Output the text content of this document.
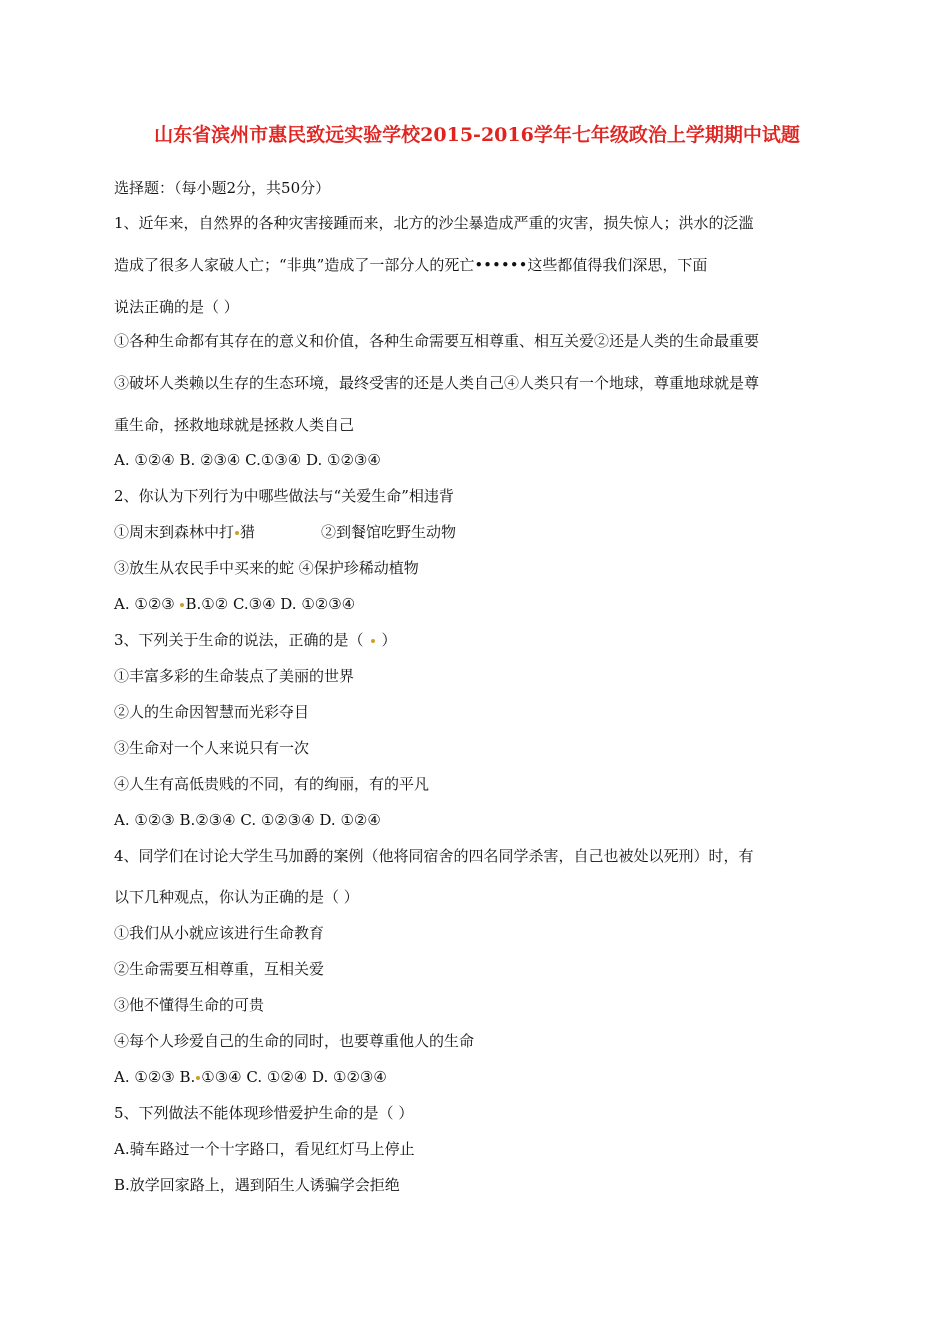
山东省滨州市惠民致远实验学校2015-2016学年七年级政治上学期期中试题
选择题：（每小题2分，共50分）
1、近年来，自然界的各种灾害接踵而来，北方的沙尘暴造成严重的灾害，损失惊人；洪水的泛滥
造成了很多人家破人亡；“非典”造成了一部分人的死亡••••••这些都值得我们深思，下面
说法正确的是（ ）
①各种生命都有其存在的意义和价值，各种生命需要互相尊重、相互关爱②还是人类的生命最重要
③破坏人类赖以生存的生态环境，最终受害的还是人类自己④人类只有一个地球，尊重地球就是尊
重生命，拯救地球就是拯救人类自己
A. ①②④ B. ②③④ C.①③④ D. ①②③④
2、你认为下列行为中哪些做法与“关爱生命”相违背
①周末到森林中打 猎	②到餐馆吃野生动物
③放生从农民手中买来的蛇 ④保护珍稀动植物
A. ①②③ B.①② C.③④ D. ①②③④
3、下列关于生命的说法，正确的是（ ）
①丰富多彩的生命装点了美丽的世界
②人的生命因智慧而光彩夺目
③生命对一个人来说只有一次
④人生有高低贵贱的不同，有的绚丽，有的平凡
A. ①②③ B.②③④ C. ①②③④ D. ①②④
4、同学们在讨论大学生马加爵的案例（他将同宿舍的四名同学杀害，自己也被处以死刑）时，有
以下几种观点，你认为正确的是（ ）
①我们从小就应该进行生命教育
②生命需要互相尊重，互相关爱
③他不懂得生命的可贵
④每个人珍爱自己的生命的同时，也要尊重他人的生命
A. ①②③ B. ①③④ C. ①②④ D. ①②③④
5、下列做法不能体现珍惜爱护生命的是（ ）
A.骑车路过一个十字路口，看见红灯马上停止
B.放学回家路上，遇到陌生人诱骗学会拒绝
